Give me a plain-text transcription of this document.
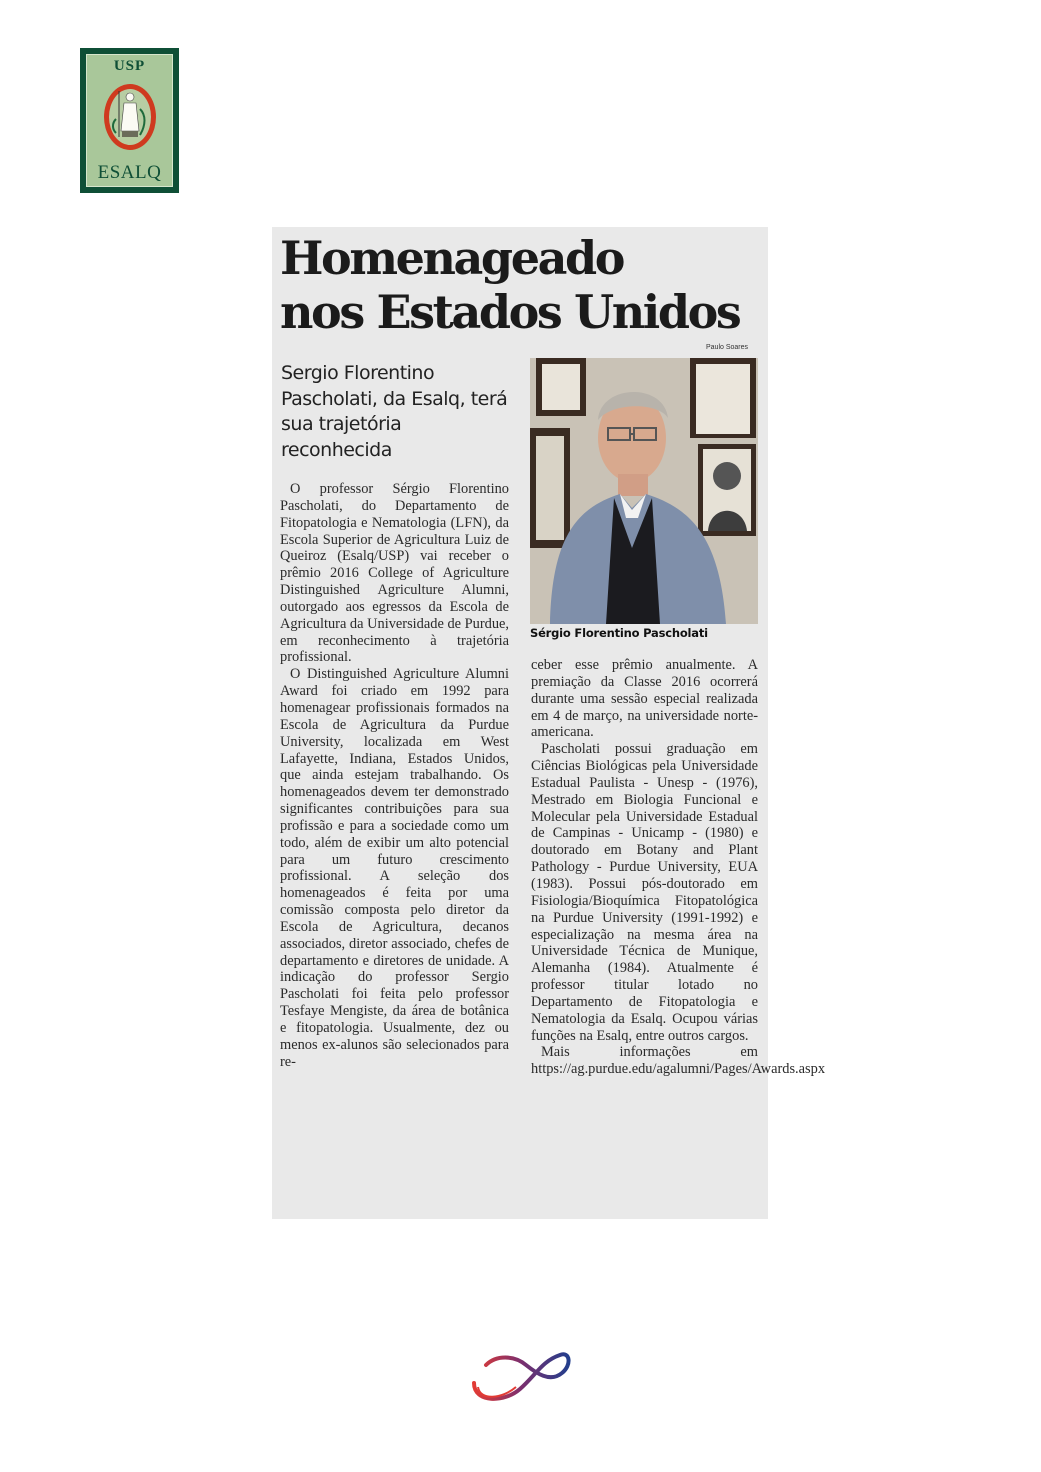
USP
ESALQ
Homenageado
nos Estados Unidos
Paulo Soares
Sergio Florentino Pascholati, da Esalq, terá sua trajetória reconhecida

O professor Sérgio Florentino Pascholati, do Departamento de Fitopatologia e Nematologia (LFN), da Escola Superior de Agricultura Luiz de Queiroz (Esalq/USP) vai receber o prêmio 2016 College of Agriculture Distinguished Agriculture Alumni, outorgado aos egressos da Escola de Agricultura da Universidade de Purdue, em reconhecimento à trajetória profissional.

O Distinguished Agriculture Alumni Award foi criado em 1992 para homenagear profissionais formados na Escola de Agricultura da Purdue University, localizada em West Lafayette, Indiana, Estados Unidos, que ainda estejam trabalhando. Os homenageados devem ter demonstrado significantes contribuições para sua profissão e para a sociedade como um todo, além de exibir um alto potencial para um futuro crescimento profissional. A seleção dos homenageados é feita por uma comissão composta pelo diretor da Escola de Agricultura, decanos associados, diretor associado, chefes de departamento e diretores de unidade. A indicação do professor Sergio Pascholati foi feita pelo professor Tesfaye Mengiste, da área de botânica e fitopatologia. Usualmente, dez ou menos ex-alunos são selecionados para re-

Sérgio Florentino Pascholati

ceber esse prêmio anualmente. A premiação da Classe 2016 ocorrerá durante uma sessão especial realizada em 4 de março, na universidade norte-americana.

Pascholati possui graduação em Ciências Biológicas pela Universidade Estadual Paulista - Unesp - (1976), Mestrado em Biologia Funcional e Molecular pela Universidade Estadual de Campinas - Unicamp - (1980) e doutorado em Botany and Plant Pathology - Purdue University, EUA (1983). Possui pós-doutorado em Fisiologia/Bioquímica Fitopatológica na Purdue University (1991-1992) e especialização na mesma área na Universidade Técnica de Munique, Alemanha (1984). Atualmente é professor titular lotado no Departamento de Fitopatologia e Nematologia da Esalq. Ocupou várias funções na Esalq, entre outros cargos.

Mais informações em https://ag.purdue.edu/agalumni/Pages/Awards.aspx
